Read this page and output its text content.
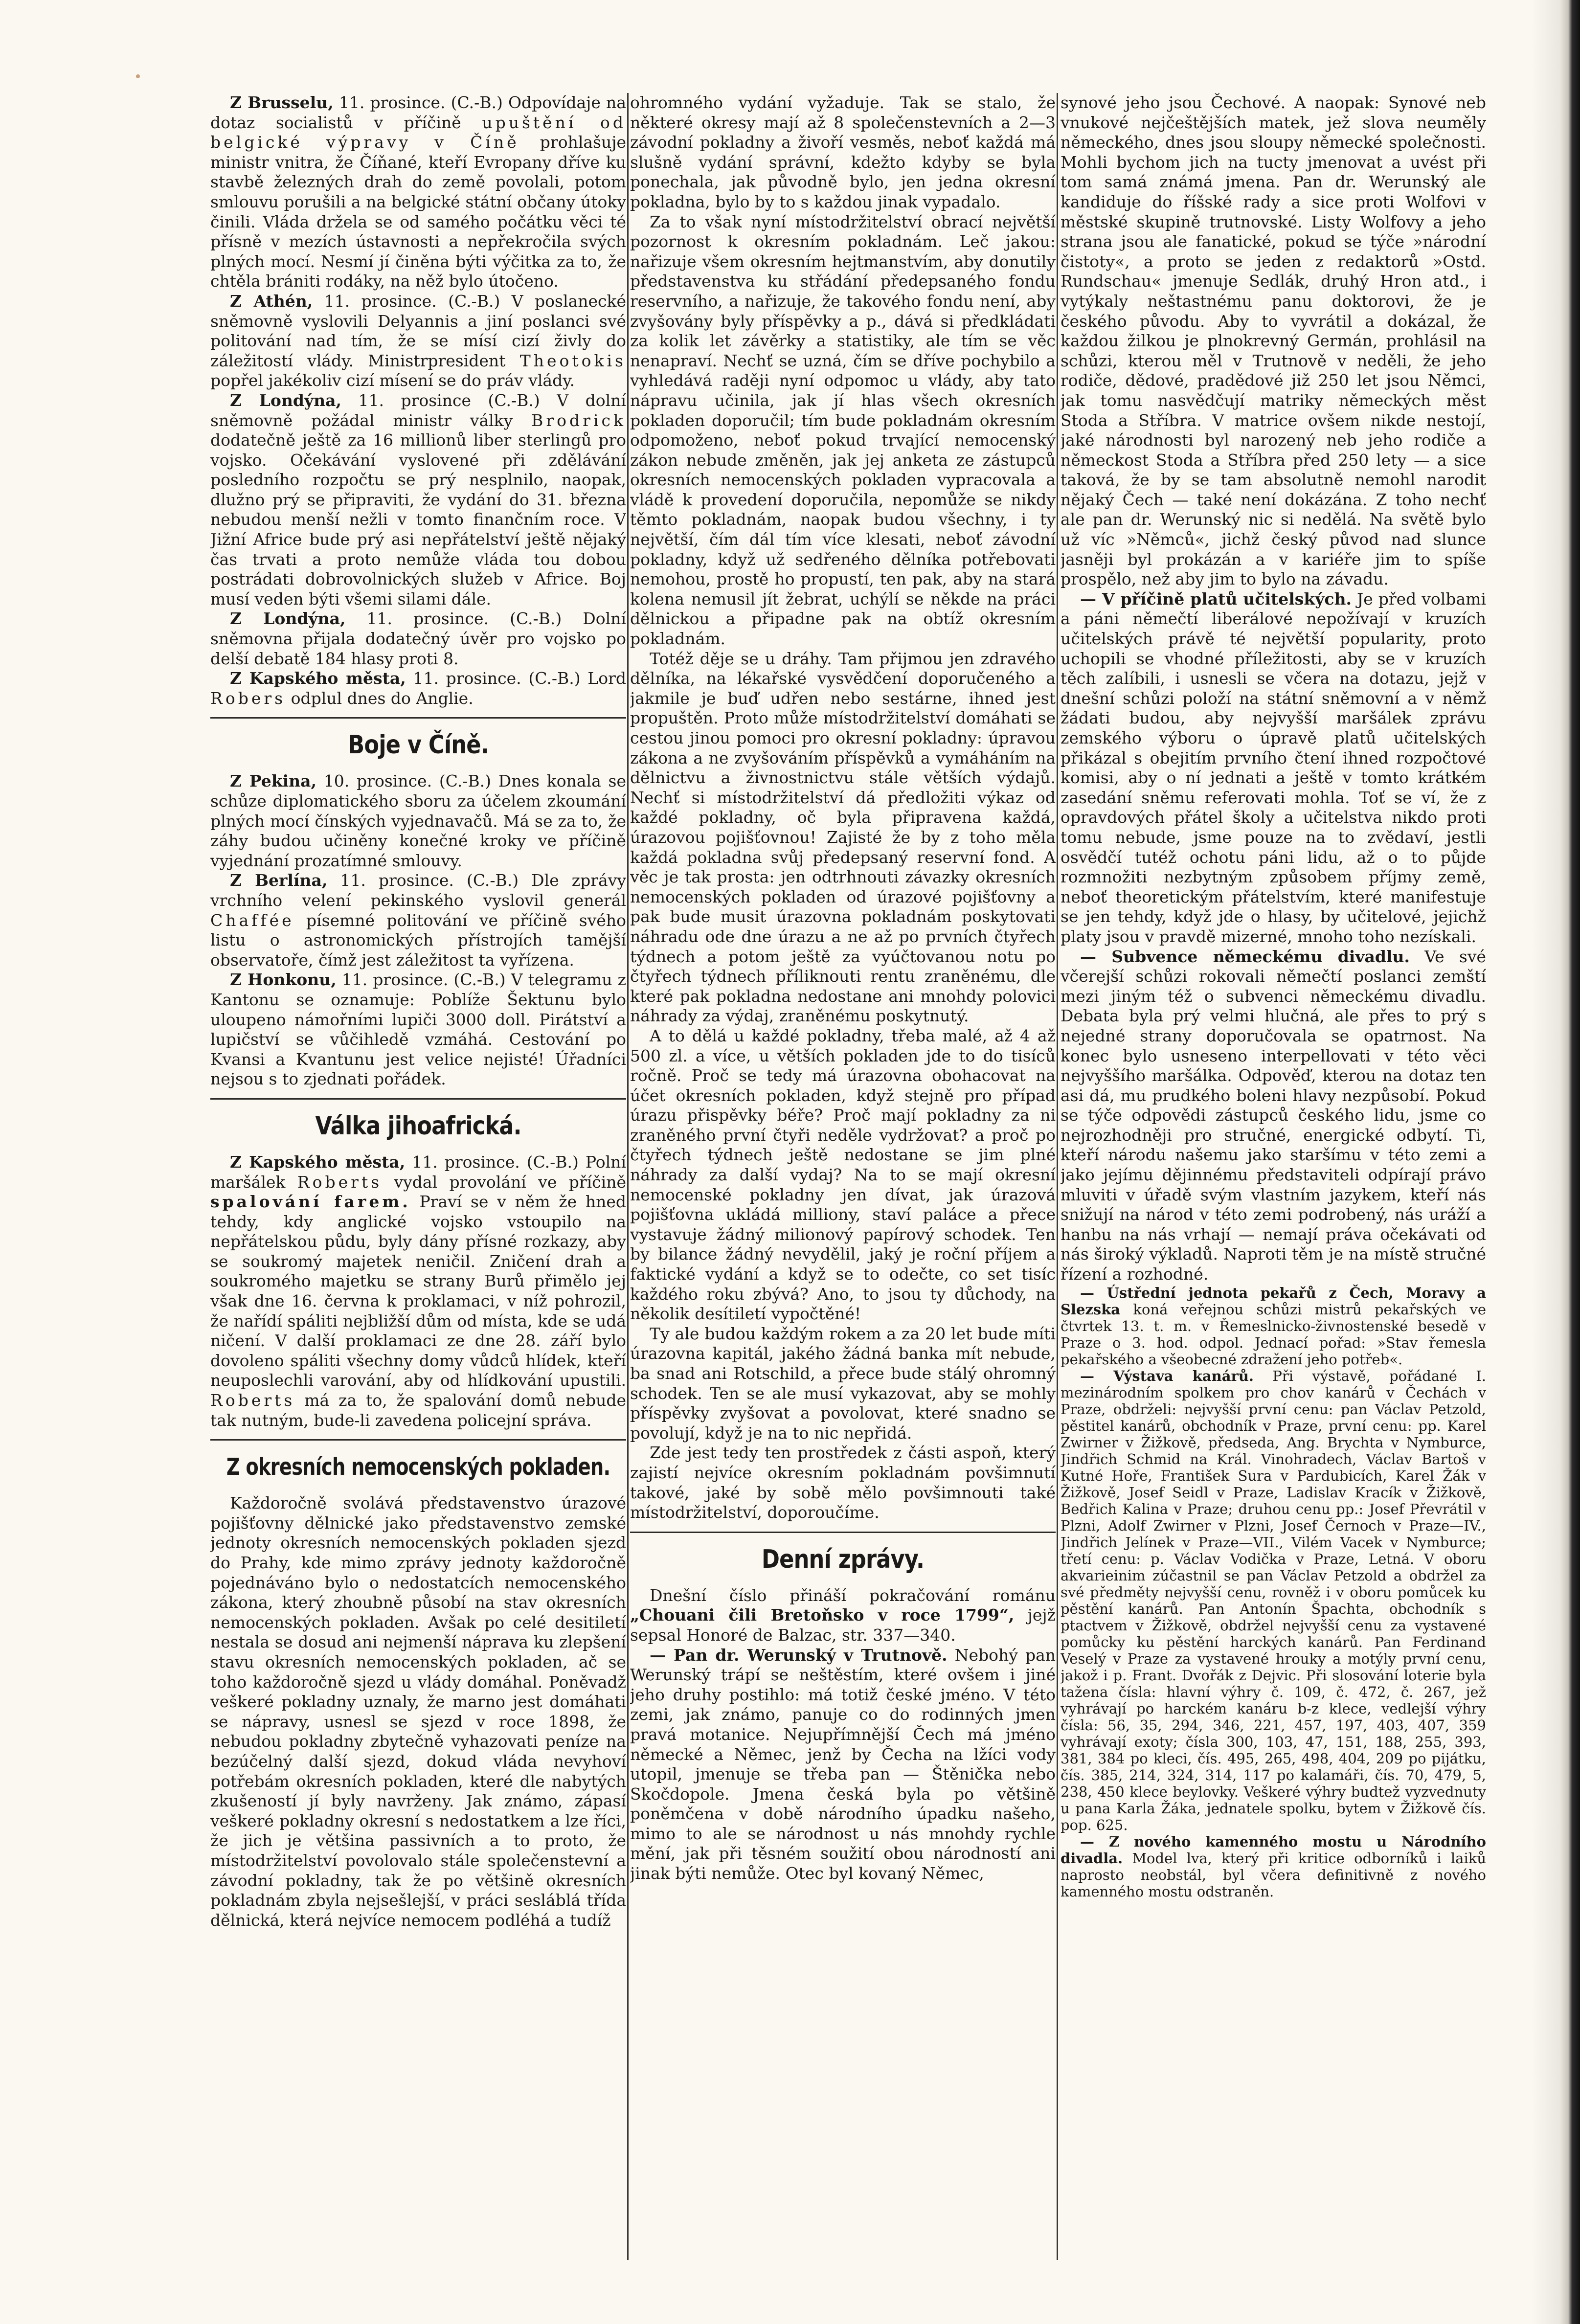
Z Brusselu, 11. prosince. (C.-B.) Odpovídaje na dotaz socialistů v příčině upuštění od belgické výpravy v Číně prohlašuje ministr vnitra, že Číňané, kteří Evropany dříve ku stavbě železných drah do země povolali, potom smlouvu porušili a na belgické státní občany útoky činili. Vláda držela se od samého počátku věci té přísně v mezích ústavnosti a nepřekročila svých plných mocí. Nesmí jí činěna býti výčitka za to, že chtěla brániti rodáky, na něž bylo útočeno.

Z Athén, 11. prosince. (C.-B.) V poslanecké sněmovně vyslovili Delyannis a jiní poslanci své politování nad tím, že se mísí cizí živly do záležitostí vlády. Ministrpresident Theotokis popřel jakékoliv cizí mísení se do práv vlády.

Z Londýna, 11. prosince (C.-B.) V dolní sněmovně požádal ministr války Brodrick dodatečně ještě za 16 millionů liber sterlingů pro vojsko. Očekávání vyslovené při zdělávání posledního rozpočtu se prý nesplnilo, naopak, dlužno prý se připraviti, že vydání do 31. března nebudou menší nežli v tomto finančním roce. V Jižní Africe bude prý asi nepřátelství ještě nějaký čas trvati a proto nemůže vláda tou dobou postrádati dobrovolnických služeb v Africe. Boj musí veden býti všemi silami dále.

Z Londýna, 11. prosince. (C.-B.) Dolní sněmovna přijala dodatečný úvěr pro vojsko po delší debatě 184 hlasy proti 8.

Z Kapského města, 11. prosince. (C.-B.) Lord Robers odplul dnes do Anglie.

Boje v Číně.

Z Pekina, 10. prosince. (C.-B.) Dnes konala se schůze diplomatického sboru za účelem zkoumání plných mocí čínských vyjednavačů. Má se za to, že záhy budou učiněny konečné kroky ve příčině vyjednání prozatímné smlouvy.

Z Berlína, 11. prosince. (C.-B.) Dle zprávy vrchního velení pekinského vyslovil generál Chaffée písemné politování ve příčině svého listu o astronomických přístrojích tamější observatoře, čímž jest záležitost ta vyřízena.

Z Honkonu, 11. prosince. (C.-B.) V telegramu z Kantonu se oznamuje: Poblíže Šektunu bylo uloupeno námořními lupiči 3000 doll. Pirátství a lupičství se vůčihledě vzmáhá. Cestování po Kvansi a Kvantunu jest velice nejisté! Úřadníci nejsou s to zjednati pořádek.

Válka jihoafrická.

Z Kapského města, 11. prosince. (C.-B.) Polní maršálek Roberts vydal provolání ve příčině spalování farem. Praví se v něm že hned tehdy, kdy anglické vojsko vstoupilo na nepřátelskou půdu, byly dány přísné rozkazy, aby se soukromý majetek neničil. Zničení drah a soukromého majetku se strany Burů přimělo jej však dne 16. června k proklamaci, v níž pohrozil, že nařídí spáliti nejbližší dům od místa, kde se udá ničení. V další proklamaci ze dne 28. září bylo dovoleno spáliti všechny domy vůdců hlídek, kteří neuposlechli varování, aby od hlídkování upustili. Roberts má za to, že spalování domů nebude tak nutným, bude-li zavedena policejní správa.

Z okresních nemocenských pokladen.

Každoročně svolává představenstvo úrazové pojišťovny dělnické jako představenstvo zemské jednoty okresních nemocenských pokladen sjezd do Prahy, kde mimo zprávy jednoty každoročně pojednáváno bylo o nedostatcích nemocenského zákona, který zhoubně působí na stav okresních nemocenských pokladen. Avšak po celé desitiletí nestala se dosud ani nejmenší náprava ku zlepšení stavu okresních nemocenských pokladen, ač se toho každoročně sjezd u vlády domáhal. Poněvadž veškeré pokladny uznaly, že marno jest domáhati se nápravy, usnesl se sjezd v roce 1898, že nebudou pokladny zbytečně vyhazovati peníze na bezúčelný další sjezd, dokud vláda nevyhoví potřebám okresních pokladen, které dle nabytých zkušeností jí byly navrženy. Jak známo, zápasí veškeré pokladny okresní s nedostatkem a lze říci, že jich je většina passivních a to proto, že místodržitelství povolovalo stále společenstevní a závodní pokladny, tak že po většině okresních pokladnám zbyla nejsešlejší, v práci sesláblá třída dělnická, která nejvíce nemocem podléhá a tudíž

ohromného vydání vyžaduje. Tak se stalo, že některé okresy mají až 8 společenstevních a 2—3 závodní pokladny a živoří vesměs, neboť každá má slušně vydání správní, kdežto kdyby se byla ponechala, jak původně bylo, jen jedna okresní pokladna, bylo by to s každou jinak vypadalo.

Za to však nyní místodržitelství obrací největší pozornost k okresním pokladnám. Leč jakou: nařizuje všem okresním hejtmanstvím, aby donutily představenstva ku střádání předepsaného fondu reservního, a nařizuje, že takového fondu není, aby zvyšovány byly příspěvky a p., dává si předkládati za kolik let závěrky a statistiky, ale tím se věc nenapraví. Nechť se uzná, čím se dříve pochybilo a vyhledává raději nyní odpomoc u vlády, aby tato nápravu učinila, jak jí hlas všech okresních pokladen doporučil; tím bude pokladnám okresním odpomoženo, neboť pokud trvající nemocenský zákon nebude změněn, jak jej anketa ze zástupců okresních nemocenských pokladen vypracovala a vládě k provedení doporučila, nepomůže se nikdy těmto pokladnám, naopak budou všechny, i ty největší, čím dál tím více klesati, neboť závodní pokladny, když už sedřeného dělníka potřebovati nemohou, prostě ho propustí, ten pak, aby na stará kolena nemusil jít žebrat, uchýlí se někde na práci dělnickou a připadne pak na obtíž okresním pokladnám.

Totéž děje se u dráhy. Tam přijmou jen zdravého dělníka, na lékařské vysvědčení doporučeného a jakmile je buď udřen nebo sestárne, ihned jest propuštěn. Proto může místodržitelství domáhati se cestou jinou pomoci pro okresní pokladny: úpravou zákona a ne zvyšováním příspěvků a vymáháním na dělnictvu a živnostnictvu stále větších výdajů. Nechť si místodržitelství dá předložiti výkaz od každé pokladny, oč byla připravena každá, úrazovou pojišťovnou! Zajisté že by z toho měla každá pokladna svůj předepsaný reservní fond. A věc je tak prosta: jen odtrhnouti závazky okresních nemocenských pokladen od úrazové pojišťovny a pak bude musit úrazovna pokladnám poskytovati náhradu ode dne úrazu a ne až po prvních čtyřech týdnech a potom ještě za vyúčtovanou notu po čtyřech týdnech příliknouti rentu zraněnému, dle které pak pokladna nedostane ani mnohdy polovici náhrady za výdaj, zraněnému poskytnutý.

A to dělá u každé pokladny, třeba malé, až 4 až 500 zl. a více, u větších pokladen jde to do tisíců ročně. Proč se tedy má úrazovna obohacovat na účet okresních pokladen, když stejně pro případ úrazu přispěvky béře? Proč mají pokladny za ni zraněného první čtyři neděle vydržovat? a proč po čtyřech týdnech ještě nedostane se jim plné náhrady za další vydaj? Na to se mají okresní nemocenské pokladny jen dívat, jak úrazová pojišťovna ukládá milliony, staví paláce a přece vystavuje žádný milionový papírový schodek. Ten by bilance žádný nevydělil, jaký je roční příjem a faktické vydání a když se to odečte, co set tisíc každého roku zbývá? Ano, to jsou ty důchody, na několik desítiletí vypočtěné!

Ty ale budou každým rokem a za 20 let bude míti úrazovna kapitál, jakého žádná banka mít nebude, ba snad ani Rotschild, a přece bude stálý ohromný schodek. Ten se ale musí vykazovat, aby se mohly příspěvky zvyšovat a povolovat, které snadno se povolují, když je na to nic nepřidá.

Zde jest tedy ten prostředek z části aspoň, který zajistí nejvíce okresním pokladnám povšimnutí takové, jaké by sobě mělo povšimnouti také místodržitelství, doporoučíme.

Denní zprávy.

Dnešní číslo přináší pokračování románu „Chouani čili Bretoňsko v roce 1799“, jejž sepsal Honoré de Balzac, str. 337—340.

— Pan dr. Werunský v Trutnově. Nebohý pan Werunský trápí se neštěstím, které ovšem i jiné jeho druhy postihlo: má totiž české jméno. V této zemi, jak známo, panuje co do rodinných jmen pravá motanice. Nejupřímnější Čech má jméno německé a Němec, jenž by Čecha na lžíci vody utopil, jmenuje se třeba pan — Štěnička nebo Skočdopole. Jmena česká byla po většině poněmčena v době národního úpadku našeho, mimo to ale se národnost u nás mnohdy rychle mění, jak při těsném soužití obou národností ani jinak býti nemůže. Otec byl kovaný Němec,

synové jeho jsou Čechové. A naopak: Synové neb vnukové nejčeštějších matek, jež slova neuměly německého, dnes jsou sloupy německé společnosti. Mohli bychom jich na tucty jmenovat a uvést při tom samá známá jmena. Pan dr. Werunský ale kandiduje do říšské rady a sice proti Wolfovi v městské skupině trutnovské. Listy Wolfovy a jeho strana jsou ale fanatické, pokud se týče »národní čistoty«, a proto se jeden z redaktorů »Ostd. Rundschau« jmenuje Sedlák, druhý Hron atd., i vytýkaly neštastnému panu doktorovi, že je českého původu. Aby to vyvrátil a dokázal, že každou žilkou je plnokrevný Germán, prohlásil na schůzi, kterou měl v Trutnově v neděli, že jeho rodiče, dědové, pradědové již 250 let jsou Němci, jak tomu nasvědčují matriky německých měst Stoda a Stříbra. V matrice ovšem nikde nestojí, jaké národnosti byl narozený neb jeho rodiče a německost Stoda a Stříbra před 250 lety — a sice taková, že by se tam absolutně nemohl narodit nějaký Čech — také není dokázána. Z toho nechť ale pan dr. Werunský nic si nedělá. Na světě bylo už víc »Němců«, jichž český původ nad slunce jasněji byl prokázán a v kariéře jim to spíše prospělo, než aby jim to bylo na závadu.

— V příčině platů učitelských. Je před volbami a páni němečtí liberálové nepožívají v kruzích učitelských právě té největší popularity, proto uchopili se vhodné příležitosti, aby se v kruzích těch zalíbili, i usnesli se včera na dotazu, jejž v dnešní schůzi položí na státní sněmovní a v němž žádati budou, aby nejvyšší maršálek zprávu zemského výboru o úpravě platů učitelských přikázal s obejitím prvního čtení ihned rozpočtové komisi, aby o ní jednati a ještě v tomto krátkém zasedání sněmu referovati mohla. Toť se ví, že z opravdových přátel školy a učitelstva nikdo proti tomu nebude, jsme pouze na to zvědaví, jestli osvědčí tutéž ochotu páni lidu, až o to půjde rozmnožiti nezbytným způsobem příjmy země, neboť theoretickým přátelstvím, které manifestuje se jen tehdy, když jde o hlasy, by učitelové, jejichž platy jsou v pravdě mizerné, mnoho toho nezískali.

— Subvence německému divadlu. Ve své včerejší schůzi rokovali němečtí poslanci zemští mezi jiným též o subvenci německému divadlu. Debata byla prý velmi hlučná, ale přes to prý s nejedné strany doporučovala se opatrnost. Na konec bylo usneseno interpellovati v této věci nejvyššího maršálka. Odpověď, kterou na dotaz ten asi dá, mu prudkého boleni hlavy nezpůsobí. Pokud se týče odpovědi zástupců českého lidu, jsme co nejrozhodněji pro stručné, energické odbytí. Ti, kteří národu našemu jako staršímu v této zemi a jako jejímu dějinnému představiteli odpírají právo mluviti v úřadě svým vlastním jazykem, kteří nás snižují na národ v této zemi podrobený, nás uráží a hanbu na nás vrhají — nemají práva očekávati od nás široký výkladů. Naproti těm je na místě stručné řízení a rozhodné.

— Ústřední jednota pekařů z Čech, Moravy a Slezska koná veřejnou schůzi mistrů pekařských ve čtvrtek 13. t. m. v Řemeslnicko-živnostenské besedě v Praze o 3. hod. odpol. Jednací pořad: »Stav řemesla pekařského a všeobecné zdražení jeho potřeb«.

— Výstava kanárů. Při výstavě, pořádané I. mezinárodním spolkem pro chov kanárů v Čechách v Praze, obdrželi: nejvyšší první cenu: pan Václav Petzold, pěstitel kanárů, obchodník v Praze, první cenu: pp. Karel Zwirner v Žižkově, předseda, Ang. Brychta v Nymburce, Jindřich Schmid na Král. Vinohradech, Václav Bartoš v Kutné Hoře, František Sura v Pardubicích, Karel Žák v Žižkově, Josef Seidl v Praze, Ladislav Kracík v Žižkově, Bedřich Kalina v Praze; druhou cenu pp.: Josef Převrátil v Plzni, Adolf Zwirner v Plzni, Josef Černoch v Praze—IV., Jindřich Jelínek v Praze—VII., Vilém Vacek v Nymburce; třetí cenu: p. Václav Vodička v Praze, Letná. V oboru akvarieinim zúčastnil se pan Václav Petzold a obdržel za své předměty nejvyšší cenu, rovněž i v oboru pomůcek ku pěstění kanárů. Pan Antonín Špachta, obchodník s ptactvem v Žižkově, obdržel nejvyšší cenu za vystavené pomůcky ku pěstění harckých kanárů. Pan Ferdinand Veselý v Praze za vystavené hrouky a motýly první cenu, jakož i p. Frant. Dvořák z Dejvic. Při slosování loterie byla tažena čísla: hlavní výhry č. 109, č. 472, č. 267, jež vyhrávají po harckém kanáru b-z klece, vedlejší výhry čísla: 56, 35, 294, 346, 221, 457, 197, 403, 407, 359 vyhrávají exoty; čísla 300, 103, 47, 151, 188, 255, 393, 381, 384 po kleci, čís. 495, 265, 498, 404, 209 po pijátku, čís. 385, 214, 324, 314, 117 po kalamáři, čís. 70, 479, 5, 238, 450 klece beylovky. Veškeré výhry budtež vyzvednuty u pana Karla Žáka, jednatele spolku, bytem v Žižkově čís. pop. 625.

— Z nového kamenného mostu u Národního divadla. Model lva, který při kritice odborníků i laiků naprosto neobstál, byl včera definitivně z nového kamenného mostu odstraněn.
